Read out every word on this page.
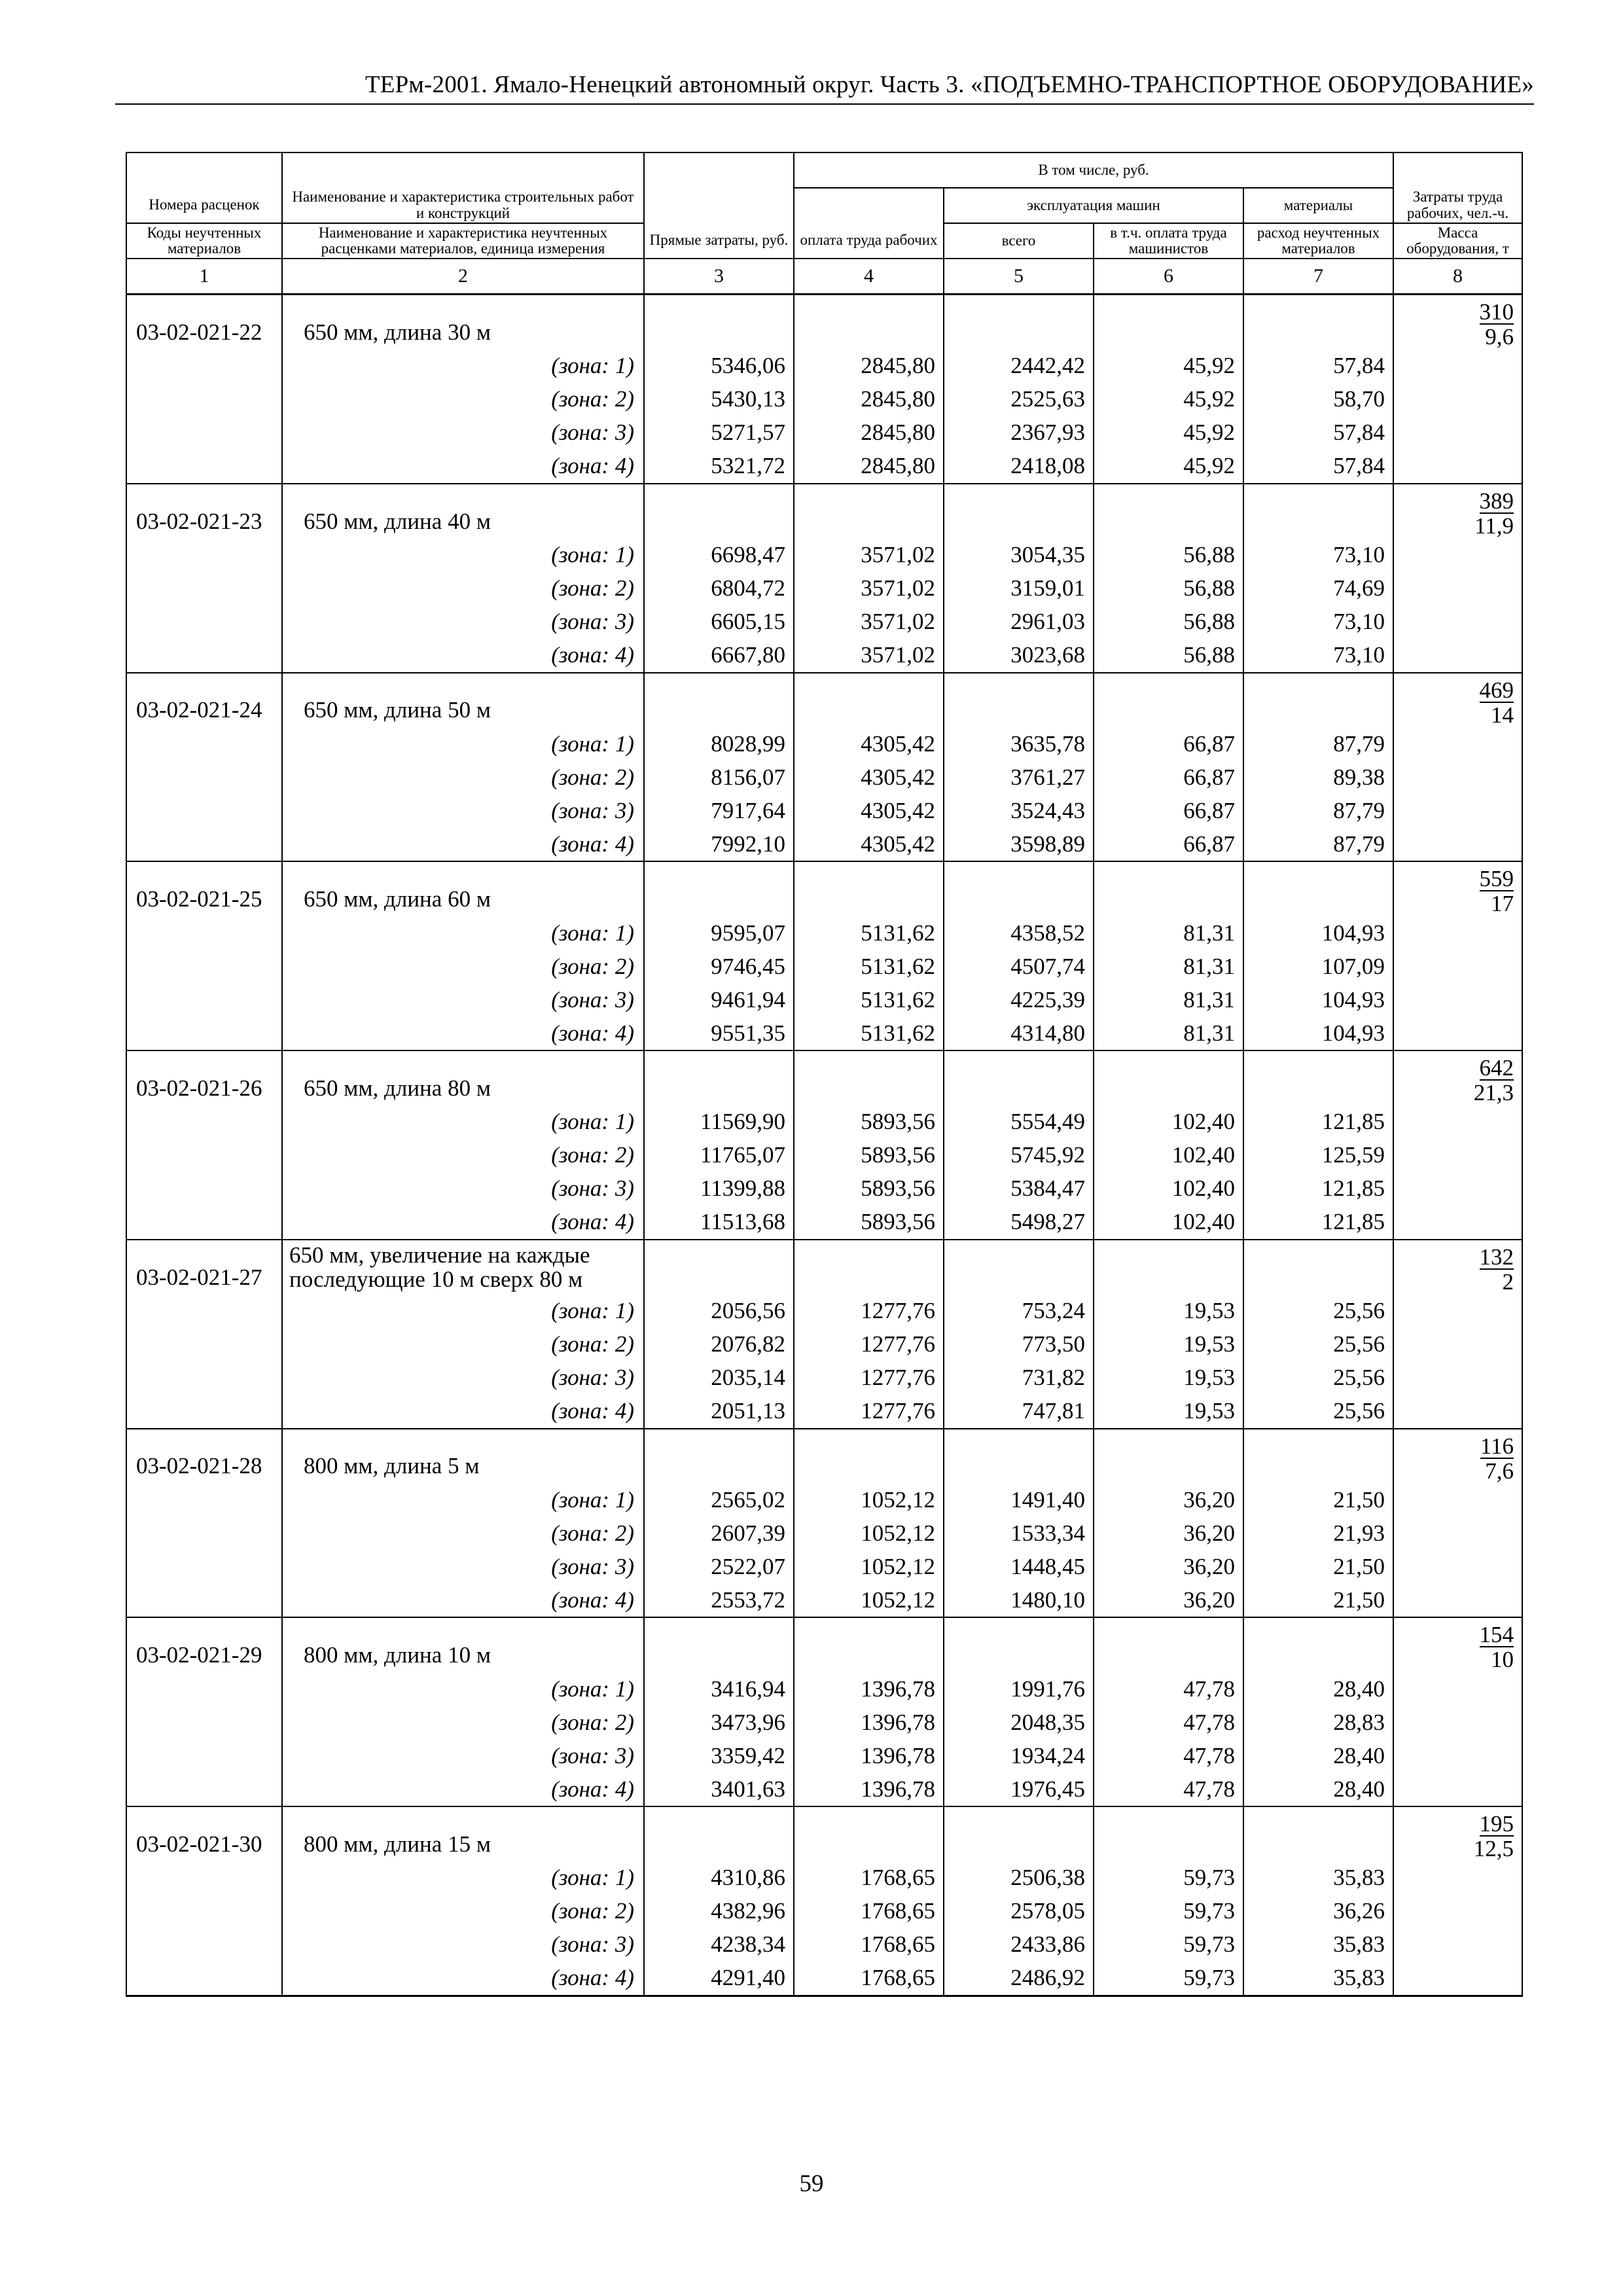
ТЕРм-2001. Ямало-Ненецкий автономный округ. Часть 3. «ПОДЪЕМНО-ТРАНСПОРТНОЕ ОБОРУДОВАНИЕ»
			В том числе, руб.				
Номера расценок	Наименование и характеристика строительных работ и конструкций			эксплуатация машин		материалы	Затраты труда рабочих, чел.-ч.
Коды неучтенных материалов	Наименование и характеристика неучтенных расценками материалов, единица измерения	Прямые затраты, руб.	оплата труда рабочих	всего	в т.ч. оплата труда машинистов	расход неучтенных материалов	Масса оборудования, т
1	2	3	4	5	6	7	8
03-02-021-22	650 мм, длина 30 м						310
9,6

	(зона: 1)	5346,06	2845,80	2442,42	45,92	57,84	
	(зона: 2)	5430,13	2845,80	2525,63	45,92	58,70	
	(зона: 3)	5271,57	2845,80	2367,93	45,92	57,84	
	(зона: 4)	5321,72	2845,80	2418,08	45,92	57,84	

03-02-021-23	650 мм, длина 40 м						389
11,9

	(зона: 1)	6698,47	3571,02	3054,35	56,88	73,10	
	(зона: 2)	6804,72	3571,02	3159,01	56,88	74,69	
	(зона: 3)	6605,15	3571,02	2961,03	56,88	73,10	
	(зона: 4)	6667,80	3571,02	3023,68	56,88	73,10	

03-02-021-24	650 мм, длина 50 м						469
14

	(зона: 1)	8028,99	4305,42	3635,78	66,87	87,79	
	(зона: 2)	8156,07	4305,42	3761,27	66,87	89,38	
	(зона: 3)	7917,64	4305,42	3524,43	66,87	87,79	
	(зона: 4)	7992,10	4305,42	3598,89	66,87	87,79	

03-02-021-25	650 мм, длина 60 м						559
17

	(зона: 1)	9595,07	5131,62	4358,52	81,31	104,93	
	(зона: 2)	9746,45	5131,62	4507,74	81,31	107,09	
	(зона: 3)	9461,94	5131,62	4225,39	81,31	104,93	
	(зона: 4)	9551,35	5131,62	4314,80	81,31	104,93	

03-02-021-26	650 мм, длина 80 м						642
21,3

	(зона: 1)	11569,90	5893,56	5554,49	102,40	121,85	
	(зона: 2)	11765,07	5893,56	5745,92	102,40	125,59	
	(зона: 3)	11399,88	5893,56	5384,47	102,40	121,85	
	(зона: 4)	11513,68	5893,56	5498,27	102,40	121,85	

03-02-021-27	650 мм, увеличение на каждые последующие 10 м сверх 80 м						132
2

	(зона: 1)	2056,56	1277,76	753,24	19,53	25,56	
	(зона: 2)	2076,82	1277,76	773,50	19,53	25,56	
	(зона: 3)	2035,14	1277,76	731,82	19,53	25,56	
	(зона: 4)	2051,13	1277,76	747,81	19,53	25,56	

03-02-021-28	800 мм, длина 5 м						116
7,6

	(зона: 1)	2565,02	1052,12	1491,40	36,20	21,50	
	(зона: 2)	2607,39	1052,12	1533,34	36,20	21,93	
	(зона: 3)	2522,07	1052,12	1448,45	36,20	21,50	
	(зона: 4)	2553,72	1052,12	1480,10	36,20	21,50	

03-02-021-29	800 мм, длина 10 м						154
10

	(зона: 1)	3416,94	1396,78	1991,76	47,78	28,40	
	(зона: 2)	3473,96	1396,78	2048,35	47,78	28,83	
	(зона: 3)	3359,42	1396,78	1934,24	47,78	28,40	
	(зона: 4)	3401,63	1396,78	1976,45	47,78	28,40	

03-02-021-30	800 мм, длина 15 м						195
12,5

	(зона: 1)	4310,86	1768,65	2506,38	59,73	35,83	
	(зона: 2)	4382,96	1768,65	2578,05	59,73	36,26	
	(зона: 3)	4238,34	1768,65	2433,86	59,73	35,83	
	(зона: 4)	4291,40	1768,65	2486,92	59,73	35,83	
59
